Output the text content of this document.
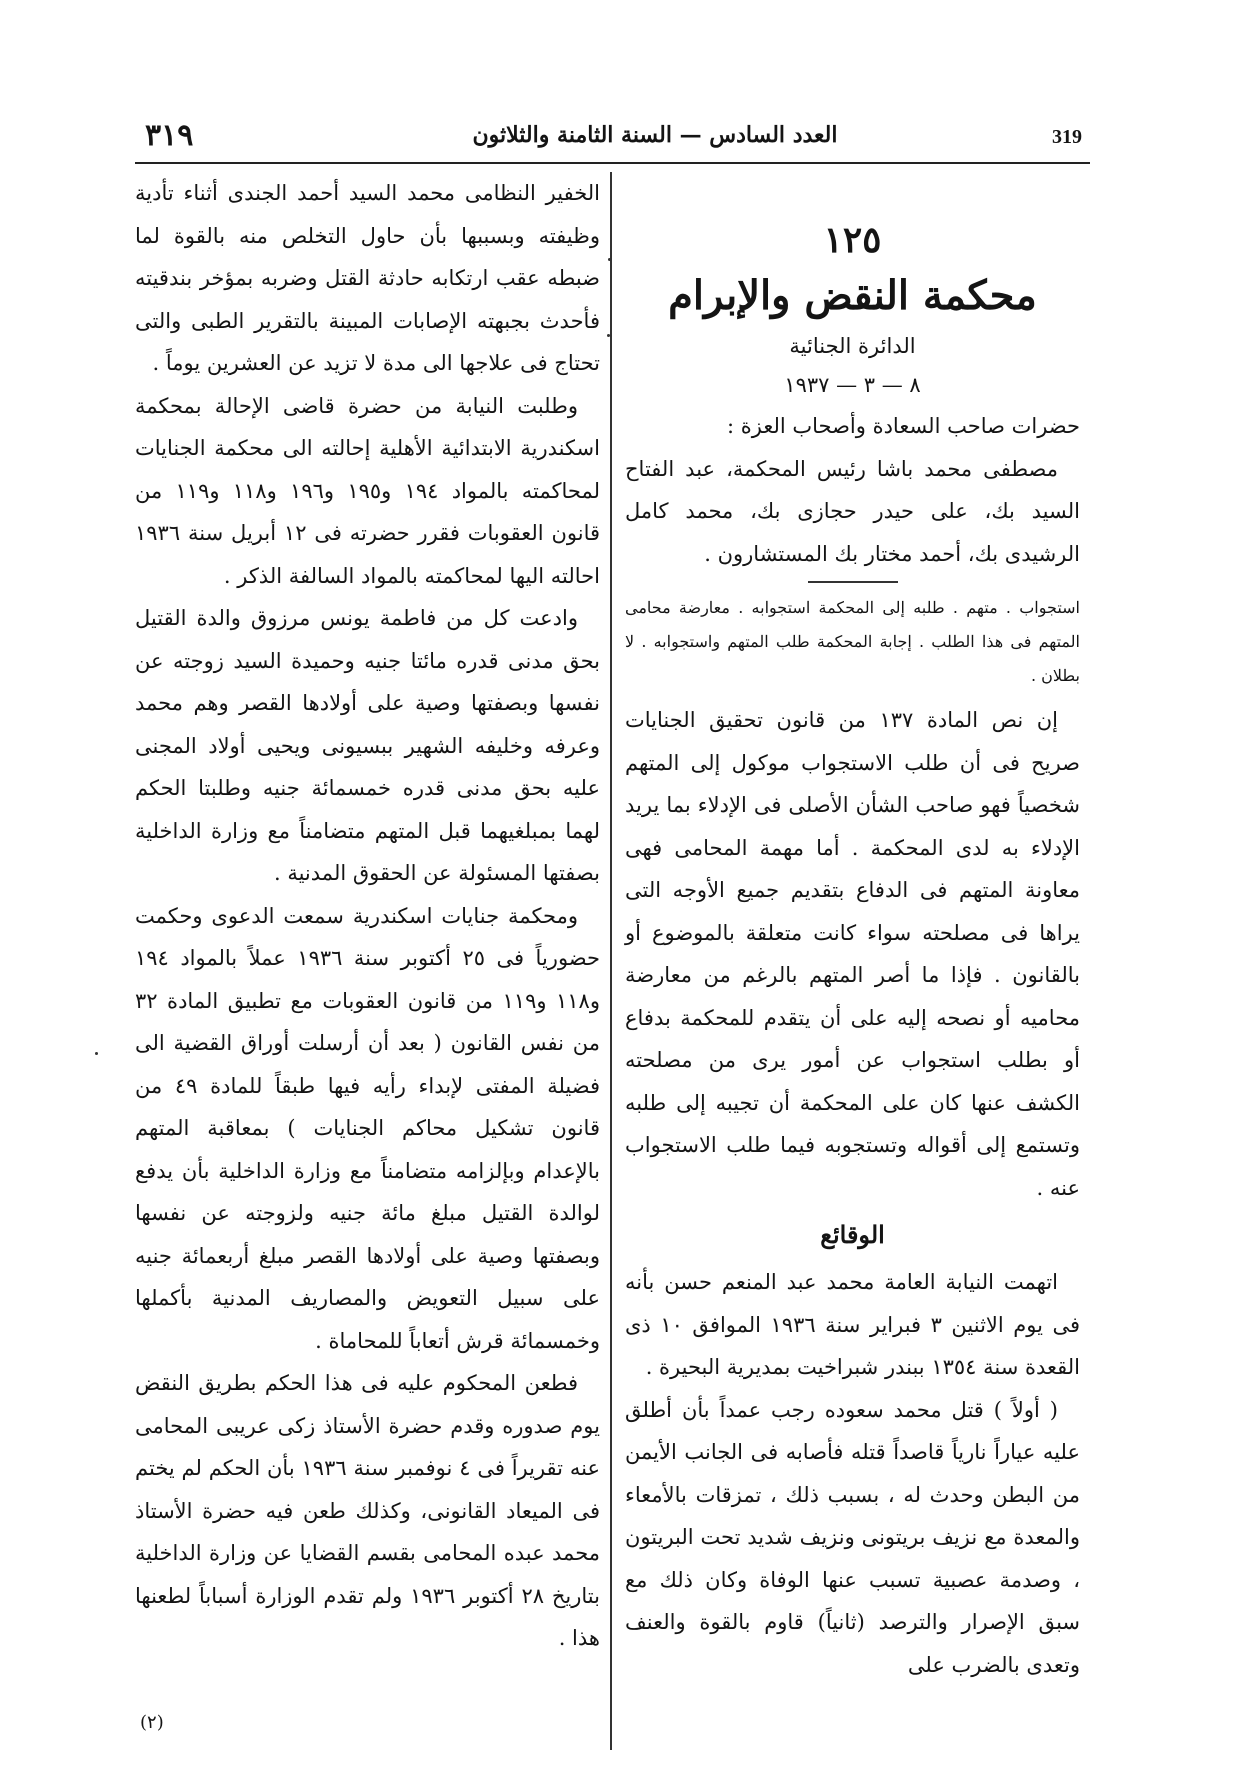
٣١٩	العدد السادس — السنة الثامنة والثلاثون	319
١٢٥
محكمة النقض والإبرام
الدائرة الجنائية
٨ — ٣ — ١٩٣٧

حضرات صاحب السعادة وأصحاب العزة :

مصطفى محمد باشا رئيس المحكمة، عبد الفتاح السيد بك، على حيدر حجازى بك، محمد كامل الرشيدى بك، أحمد مختار بك المستشارون .

استجواب . متهم . طلبه إلى المحكمة استجوابه . معارضة محامى المتهم فى هذا الطلب . إجابة المحكمة طلب المتهم واستجوابه . لا بطلان .

إن نص المادة ١٣٧ من قانون تحقيق الجنايات صريح فى أن طلب الاستجواب موكول إلى المتهم شخصياً فهو صاحب الشأن الأصلى فى الإدلاء بما يريد الإدلاء به لدى المحكمة . أما مهمة المحامى فهى معاونة المتهم فى الدفاع بتقديم جميع الأوجه التى يراها فى مصلحته سواء كانت متعلقة بالموضوع أو بالقانون . فإذا ما أصر المتهم بالرغم من معارضة محاميه أو نصحه إليه على أن يتقدم للمحكمة بدفاع أو بطلب استجواب عن أمور يرى من مصلحته الكشف عنها كان على المحكمة أن تجيبه إلى طلبه وتستمع إلى أقواله وتستجوبه فيما طلب الاستجواب عنه .

الوقائع

اتهمت النيابة العامة محمد عبد المنعم حسن بأنه فى يوم الاثنين ٣ فبراير سنة ١٩٣٦ الموافق ١٠ ذى القعدة سنة ١٣٥٤ ببندر شبراخيت بمديرية البحيرة .

( أولاً ) قتل محمد سعوده رجب عمداً بأن أطلق عليه عياراً نارياً قاصداً قتله فأصابه فى الجانب الأيمن من البطن وحدث له ، بسبب ذلك ، تمزقات بالأمعاء والمعدة مع نزيف بريتونى ونزيف شديد تحت البريتون ، وصدمة عصبية تسبب عنها الوفاة وكان ذلك مع سبق الإصرار والترصد (ثانياً) قاوم بالقوة والعنف وتعدى بالضرب على

الخفير النظامى محمد السيد أحمد الجندى أثناء تأدية وظيفته وبسببها بأن حاول التخلص منه بالقوة لما ضبطه عقب ارتكابه حادثة القتل وضربه بمؤخر بندقيته فأحدث بجبهته الإصابات المبينة بالتقرير الطبى والتى تحتاج فى علاجها الى مدة لا تزيد عن العشرين يوماً .

وطلبت النيابة من حضرة قاضى الإحالة بمحكمة اسكندرية الابتدائية الأهلية إحالته الى محكمة الجنايات لمحاكمته بالمواد ١٩٤ و١٩٥ و١٩٦ و١١٨ و١١٩ من قانون العقوبات فقرر حضرته فى ١٢ أبريل سنة ١٩٣٦ احالته اليها لمحاكمته بالمواد السالفة الذكر .

وادعت كل من فاطمة يونس مرزوق والدة القتيل بحق مدنى قدره مائتا جنيه وحميدة السيد زوجته عن نفسها وبصفتها وصية على أولادها القصر وهم محمد وعرفه وخليفه الشهير ببسيونى ويحيى أولاد المجنى عليه بحق مدنى قدره خمسمائة جنيه وطلبتا الحكم لهما بمبلغيهما قبل المتهم متضامناً مع وزارة الداخلية بصفتها المسئولة عن الحقوق المدنية .

ومحكمة جنايات اسكندرية سمعت الدعوى وحكمت حضورياً فى ٢٥ أكتوبر سنة ١٩٣٦ عملاً بالمواد ١٩٤ و١١٨ و١١٩ من قانون العقوبات مع تطبيق المادة ٣٢ من نفس القانون ( بعد أن أرسلت أوراق القضية الى فضيلة المفتى لإبداء رأيه فيها طبقاً للمادة ٤٩ من قانون تشكيل محاكم الجنايات ) بمعاقبة المتهم بالإعدام وبإلزامه متضامناً مع وزارة الداخلية بأن يدفع لوالدة القتيل مبلغ مائة جنيه ولزوجته عن نفسها وبصفتها وصية على أولادها القصر مبلغ أربعمائة جنيه على سبيل التعويض والمصاريف المدنية بأكملها وخمسمائة قرش أتعاباً للمحاماة .

فطعن المحكوم عليه فى هذا الحكم بطريق النقض يوم صدوره وقدم حضرة الأستاذ زكى عريبى المحامى عنه تقريراً فى ٤ نوفمبر سنة ١٩٣٦ بأن الحكم لم يختم فى الميعاد القانونى، وكذلك طعن فيه حضرة الأستاذ محمد عبده المحامى بقسم القضايا عن وزارة الداخلية بتاريخ ٢٨ أكتوبر ١٩٣٦ ولم تقدم الوزارة أسباباً لطعنها هذا .

(٢)
